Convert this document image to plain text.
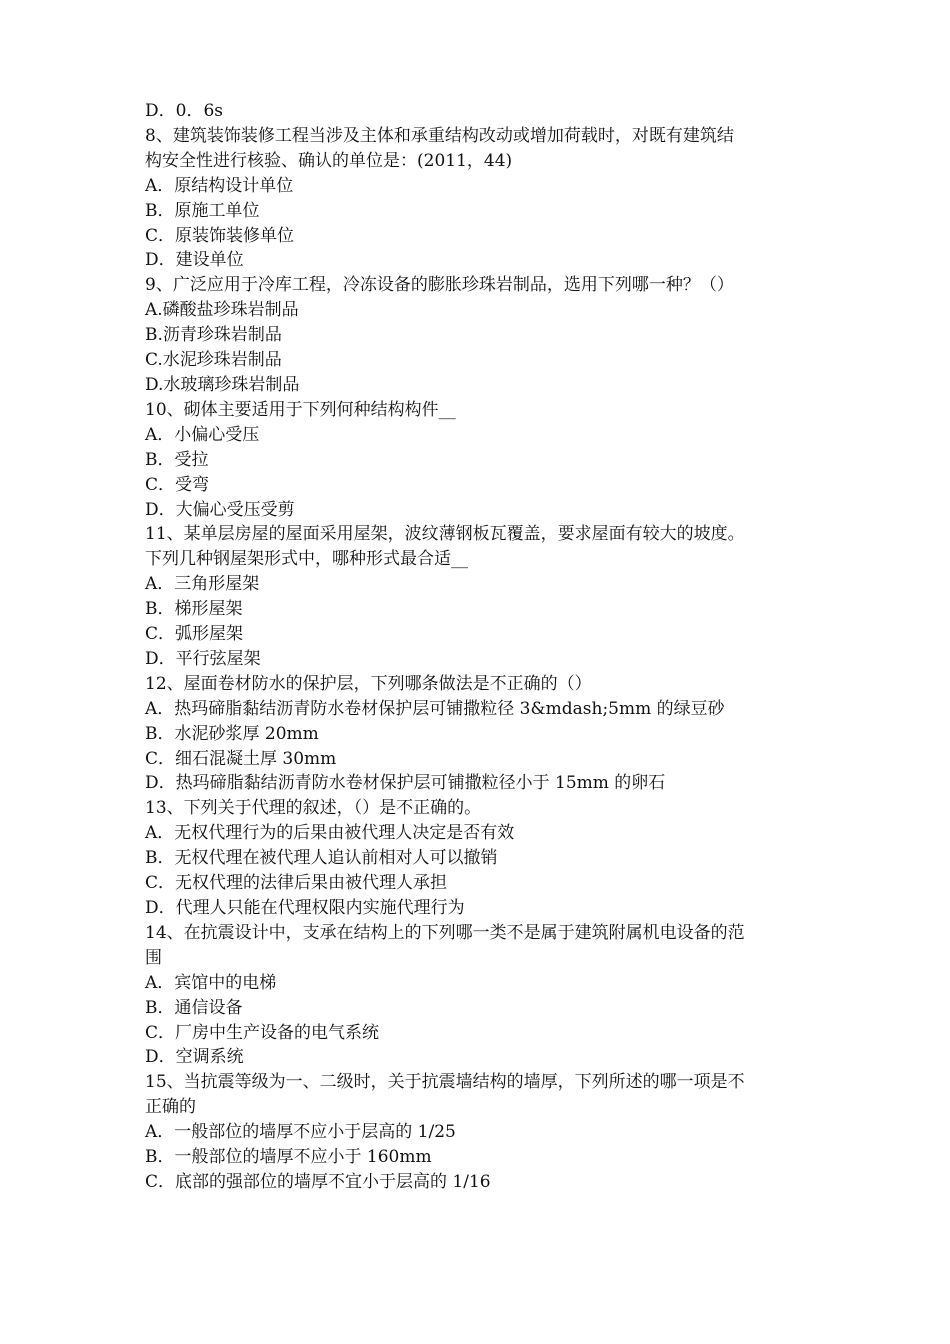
D．0．6s

8、建筑装饰装修工程当涉及主体和承重结构改动或增加荷载时，对既有建筑结

构安全性进行核验、确认的单位是：(2011，44)

A．原结构设计单位

B．原施工单位

C．原装饰装修单位

D．建设单位

9、广泛应用于冷库工程，冷冻设备的膨胀珍珠岩制品，选用下列哪一种？（）

A.磷酸盐珍珠岩制品

B.沥青珍珠岩制品

C.水泥珍珠岩制品

D.水玻璃珍珠岩制品

10、砌体主要适用于下列何种结构构件__

A．小偏心受压

B．受拉

C．受弯

D．大偏心受压受剪

11、某单层房屋的屋面采用屋架，波纹薄钢板瓦覆盖，要求屋面有较大的坡度。

下列几种钢屋架形式中，哪种形式最合适__

A．三角形屋架

B．梯形屋架

C．弧形屋架

D．平行弦屋架

12、屋面卷材防水的保护层，下列哪条做法是不正确的（）

A．热玛碲脂黏结沥青防水卷材保护层可铺撒粒径 3&mdash;5mm 的绿豆砂

B．水泥砂浆厚 20mm

C．细石混凝土厚 30mm

D．热玛碲脂黏结沥青防水卷材保护层可铺撒粒径小于 15mm 的卵石

13、下列关于代理的叙述，（）是不正确的。

A．无权代理行为的后果由被代理人决定是否有效

B．无权代理在被代理人追认前相对人可以撤销

C．无权代理的法律后果由被代理人承担

D．代理人只能在代理权限内实施代理行为

14、在抗震设计中，支承在结构上的下列哪一类不是属于建筑附属机电设备的范

围

A．宾馆中的电梯

B．通信设备

C．厂房中生产设备的电气系统

D．空调系统

15、当抗震等级为一、二级时，关于抗震墙结构的墙厚，下列所述的哪一项是不

正确的

A．一般部位的墙厚不应小于层高的 1/25

B．一般部位的墙厚不应小于 160mm

C．底部的强部位的墙厚不宜小于层高的 1/16
